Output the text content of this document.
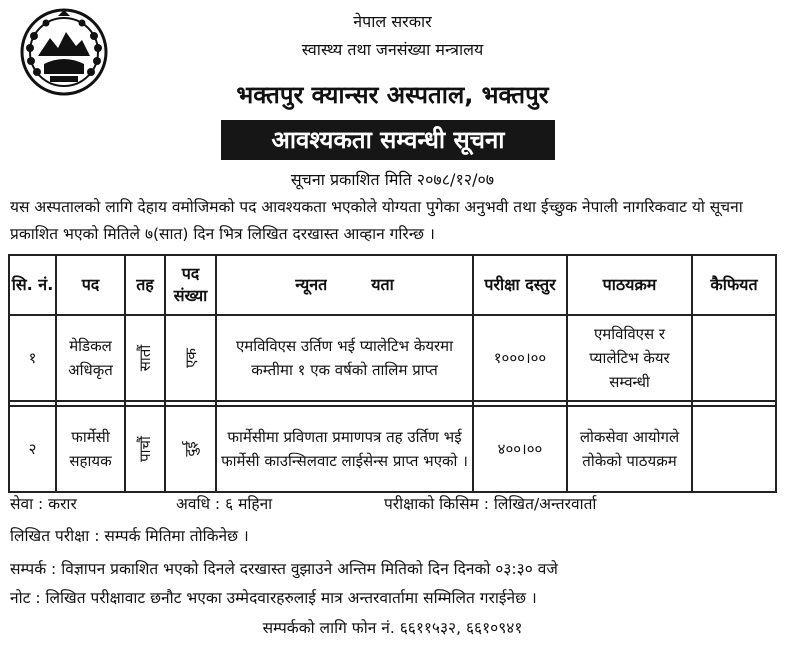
नेपाल सरकार
स्वास्थ्य तथा जनसंख्या मन्त्रालय
भक्तपुर क्यान्सर अस्पताल, भक्तपुर
आवश्यकता सम्वन्धी सूचना
सूचना प्रकाशित मिति २०७८/१२/०७
यस अस्पतालको लागि देहाय वमोजिमको पद आवश्यकता भएकोले योग्यता पुगेका अनुभवी तथा ईच्छुक नेपाली नागरिकवाट यो सूचना प्रकाशित भएको मितिले ७(सात) दिन भित्र लिखित दरखास्त आव्हान गरिन्छ ।
सि. नं.	पद	तह	पद संख्या	न्यूनत यता	परीक्षा दस्तुर	पाठयक्रम	कैफियत
१	मेडिकल अधिकृत	सातौं	एक	एमविविएस उर्तिण भई प्यालेटिभ केयरमा कम्तीमा १ एक वर्षको तालिम प्राप्त	१०००।००	एमविविएस र प्यालेटिभ केयर सम्वन्धी	

२	फार्मेसी सहायक	पाचौं	दुई	फार्मेसीमा प्रविणता प्रमाणपत्र तह उर्तिण भई फार्मेसी काउन्सिलवाट लाईसेन्स प्राप्त भएको ।	४००।००	लोकसेवा आयोगले तोकेको पाठयक्रम	
सेवा : करार	अवधि : ६ महिना	परीक्षाको किसिम : लिखित/अन्तरवार्ता
लिखित परीक्षा : सम्पर्क मितिमा तोकिनेछ ।
सम्पर्क : विज्ञापन प्रकाशित भएको दिनले दरखास्त वुझाउने अन्तिम मितिको दिन दिनको ०३:३० वजे
नोट : लिखित परीक्षावाट छनौट भएका उम्मेदवारहरुलाई मात्र अन्तरवार्तामा सम्मिलित गराईनेछ ।
सम्पर्कको लागि फोन नं. ६६११५३२, ६६१०९४१
